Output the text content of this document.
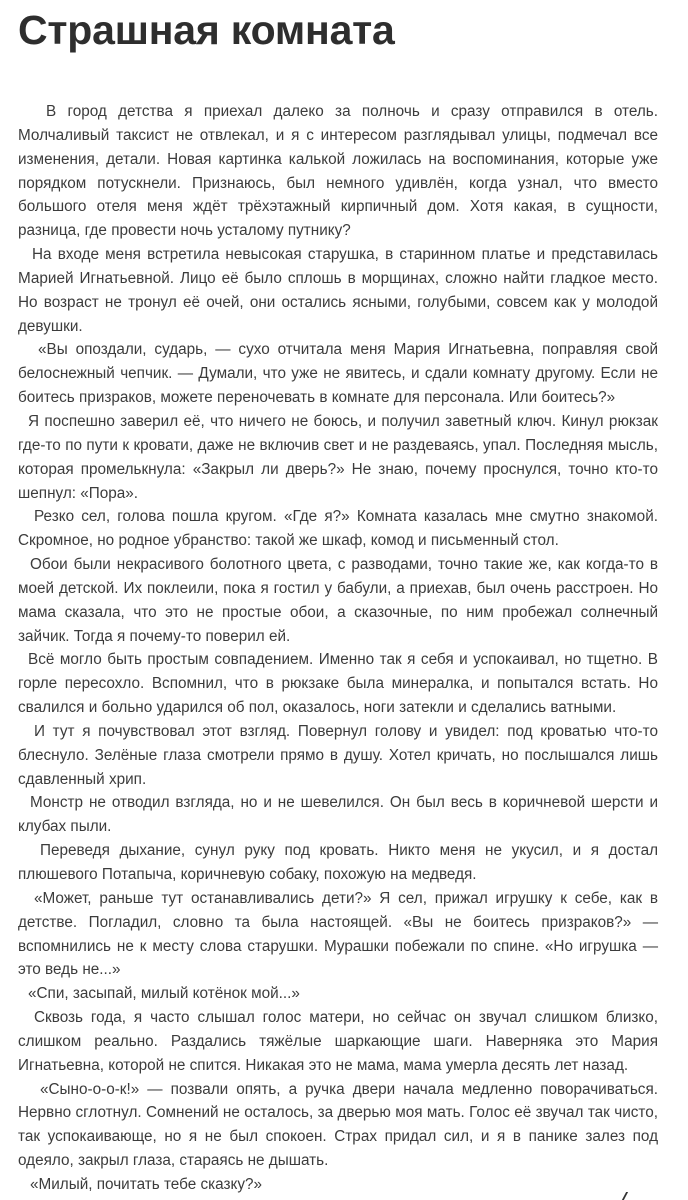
Страшная комната

В город детства я приехал далеко за полночь и сразу отправился в отель. Молчаливый таксист не отвлекал, и я с интересом разглядывал улицы, подмечал все изменения, детали. Новая картинка калькой ложилась на воспоминания, которые уже порядком потускнели. Признаюсь, был немного удивлён, когда узнал, что вместо большого отеля меня ждёт трёхэтажный кирпичный дом. Хотя какая, в сущности, разница, где провести ночь усталому путнику?

На входе меня встретила невысокая старушка, в старинном платье и представилась Марией Игнатьевной. Лицо её было сплошь в морщинах, сложно найти гладкое место. Но возраст не тронул её очей, они остались ясными, голубыми, совсем как у молодой девушки.

«Вы опоздали, сударь, — сухо отчитала меня Мария Игнатьевна, поправляя свой белоснежный чепчик. — Думали, что уже не явитесь, и сдали комнату другому. Если не боитесь призраков, можете переночевать в комнате для персонала. Или боитесь?»

Я поспешно заверил её, что ничего не боюсь, и получил заветный ключ. Кинул рюкзак где-то по пути к кровати, даже не включив свет и не раздеваясь, упал. Последняя мысль, которая промелькнула: «Закрыл ли дверь?» Не знаю, почему проснулся, точно кто-то шепнул: «Пора».

Резко сел, голова пошла кругом. «Где я?» Комната казалась мне смутно знакомой. Скромное, но родное убранство: такой же шкаф, комод и письменный стол.

Обои были некрасивого болотного цвета, с разводами, точно такие же, как когда-то в моей детской. Их поклеили, пока я гостил у бабули, а приехав, был очень расстроен. Но мама сказала, что это не простые обои, а сказочные, по ним пробежал солнечный зайчик. Тогда я почему-то поверил ей.

Всё могло быть простым совпадением. Именно так я себя и успокаивал, но тщетно. В горле пересохло. Вспомнил, что в рюкзаке была минералка, и попытался встать. Но свалился и больно ударился об пол, оказалось, ноги затекли и сделались ватными.

И тут я почувствовал этот взгляд. Повернул голову и увидел: под кроватью что-то блеснуло. Зелёные глаза смотрели прямо в душу. Хотел кричать, но послышался лишь сдавленный хрип.

Монстр не отводил взгляда, но и не шевелился. Он был весь в коричневой шерсти и клубах пыли.

Переведя дыхание, сунул руку под кровать. Никто меня не укусил, и я достал плюшевого Потапыча, коричневую собаку, похожую на медведя.

«Может, раньше тут останавливались дети?» Я сел, прижал игрушку к себе, как в детстве. Погладил, словно та была настоящей. «Вы не боитесь призраков?» — вспомнились не к месту слова старушки. Мурашки побежали по спине. «Но игрушка — это ведь не...»

«Спи, засыпай, милый котёнок мой...»

Сквозь года, я часто слышал голос матери, но сейчас он звучал слишком близко, слишком реально. Раздались тяжёлые шаркающие шаги. Наверняка это Мария Игнатьевна, которой не спится. Никакая это не мама, мама умерла десять лет назад.

«Сыно-о-о-к!» — позвали опять, а ручка двери начала медленно поворачиваться. Нервно сглотнул. Сомнений не осталось, за дверью моя мать. Голос её звучал так чисто, так успокаивающе, но я не был спокоен. Страх придал сил, и я в панике залез под одеяло, закрыл глаза, стараясь не дышать.

«Милый, почитать тебе сказку?»
